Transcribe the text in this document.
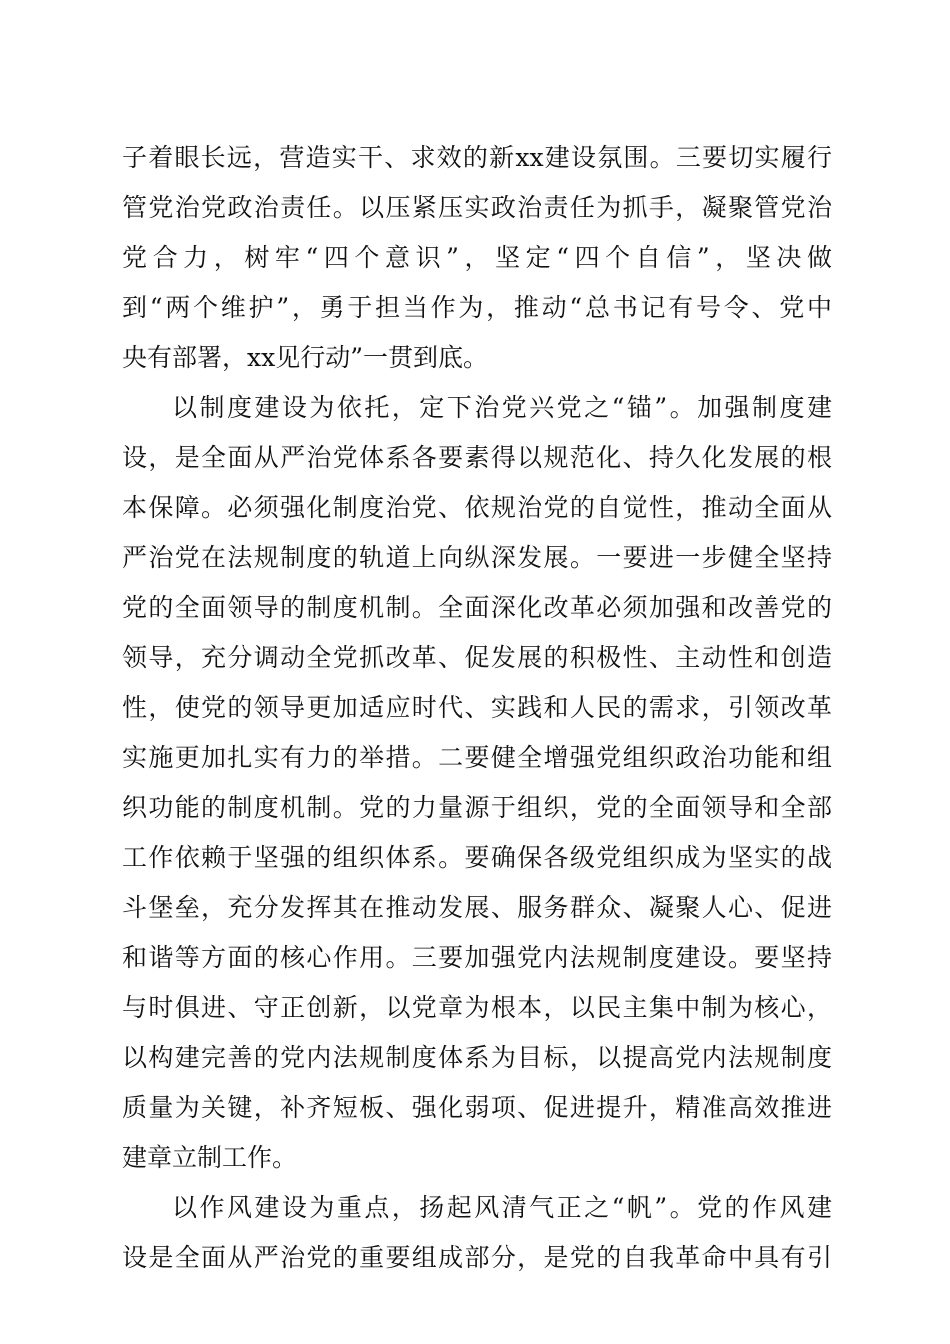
子着眼长远，营造实干、求效的新xx建设氛围。三要切实履行
管党治党政治责任。以压紧压实政治责任为抓手，凝聚管党治
党合力，树牢“四个意识”，坚定“四个自信”，坚决做
到“两个维护”，勇于担当作为，推动“总书记有号令、党中
央有部署，xx见行动”一贯到底。
以制度建设为依托，定下治党兴党之“锚”。加强制度建
设，是全面从严治党体系各要素得以规范化、持久化发展的根
本保障。必须强化制度治党、依规治党的自觉性，推动全面从
严治党在法规制度的轨道上向纵深发展。一要进一步健全坚持
党的全面领导的制度机制。全面深化改革必须加强和改善党的
领导，充分调动全党抓改革、促发展的积极性、主动性和创造
性，使党的领导更加适应时代、实践和人民的需求，引领改革
实施更加扎实有力的举措。二要健全增强党组织政治功能和组
织功能的制度机制。党的力量源于组织，党的全面领导和全部
工作依赖于坚强的组织体系。要确保各级党组织成为坚实的战
斗堡垒，充分发挥其在推动发展、服务群众、凝聚人心、促进
和谐等方面的核心作用。三要加强党内法规制度建设。要坚持
与时俱进、守正创新，以党章为根本，以民主集中制为核心，
以构建完善的党内法规制度体系为目标，以提高党内法规制度
质量为关键，补齐短板、强化弱项、促进提升，精准高效推进
建章立制工作。
以作风建设为重点，扬起风清气正之“帆”。党的作风建
设是全面从严治党的重要组成部分，是党的自我革命中具有引
